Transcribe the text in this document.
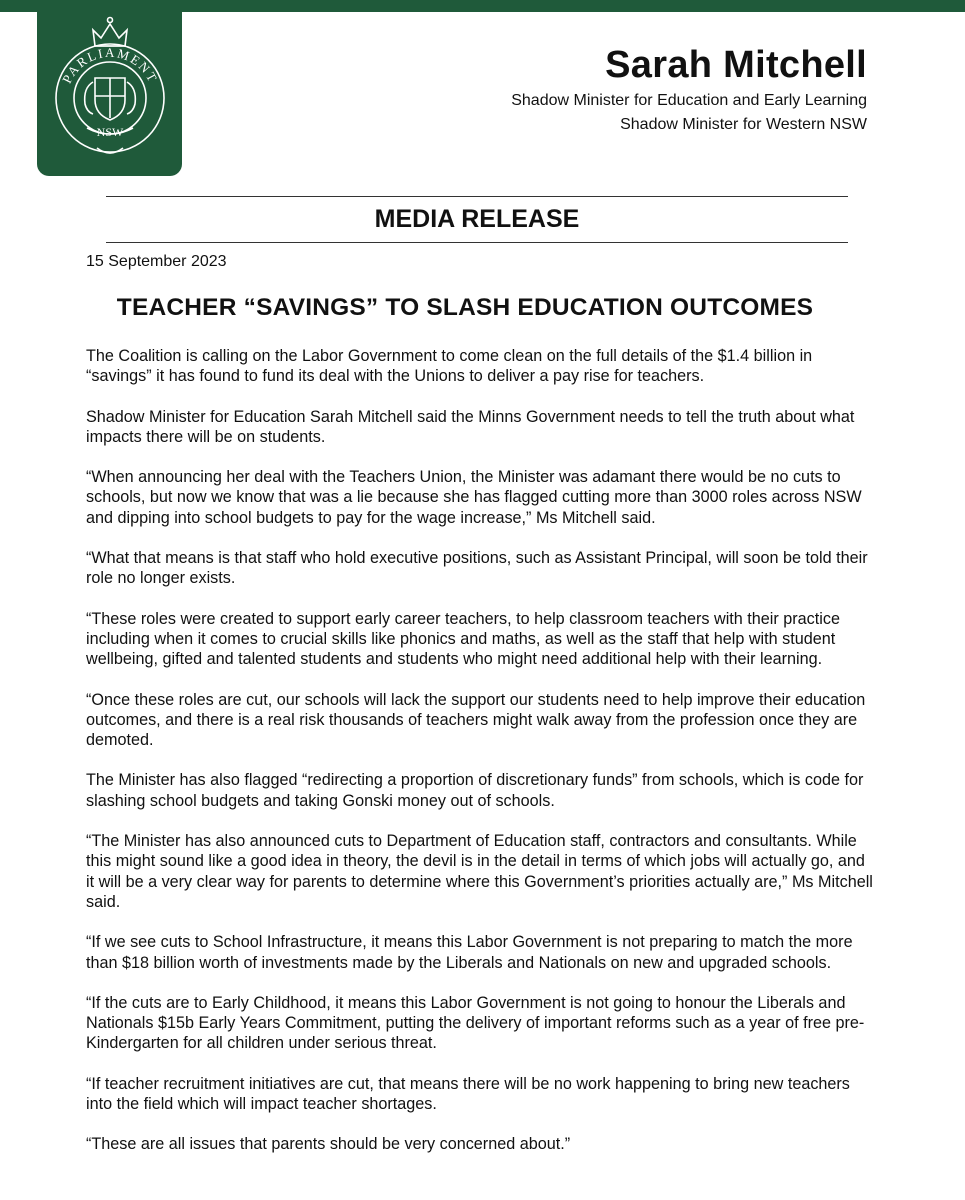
PARLIAMENT
NSW
Sarah Mitchell
Shadow Minister for Education and Early Learning
Shadow Minister for Western NSW
MEDIA RELEASE
15 September 2023
TEACHER “SAVINGS” TO SLASH EDUCATION OUTCOMES

The Coalition is calling on the Labor Government to come clean on the full details of the $1.4 billion in “savings” it has found to fund its deal with the Unions to deliver a pay rise for teachers.

Shadow Minister for Education Sarah Mitchell said the Minns Government needs to tell the truth about what impacts there will be on students.

“When announcing her deal with the Teachers Union, the Minister was adamant there would be no cuts to schools, but now we know that was a lie because she has flagged cutting more than 3000 roles across NSW and dipping into school budgets to pay for the wage increase,” Ms Mitchell said.

“What that means is that staff who hold executive positions, such as Assistant Principal, will soon be told their role no longer exists.

“These roles were created to support early career teachers, to help classroom teachers with their practice including when it comes to crucial skills like phonics and maths, as well as the staff that help with student wellbeing, gifted and talented students and students who might need additional help with their learning.

“Once these roles are cut, our schools will lack the support our students need to help improve their education outcomes, and there is a real risk thousands of teachers might walk away from the profession once they are demoted.

The Minister has also flagged “redirecting a proportion of discretionary funds” from schools, which is code for slashing school budgets and taking Gonski money out of schools.

“The Minister has also announced cuts to Department of Education staff, contractors and consultants. While this might sound like a good idea in theory, the devil is in the detail in terms of which jobs will actually go, and it will be a very clear way for parents to determine where this Government’s priorities actually are,” Ms Mitchell said.

“If we see cuts to School Infrastructure, it means this Labor Government is not preparing to match the more than $18 billion worth of investments made by the Liberals and Nationals on new and upgraded schools.

“If the cuts are to Early Childhood, it means this Labor Government is not going to honour the Liberals and Nationals $15b Early Years Commitment, putting the delivery of important reforms such as a year of free pre-Kindergarten for all children under serious threat.

“If teacher recruitment initiatives are cut, that means there will be no work happening to bring new teachers into the field which will impact teacher shortages.

“These are all issues that parents should be very concerned about.”
